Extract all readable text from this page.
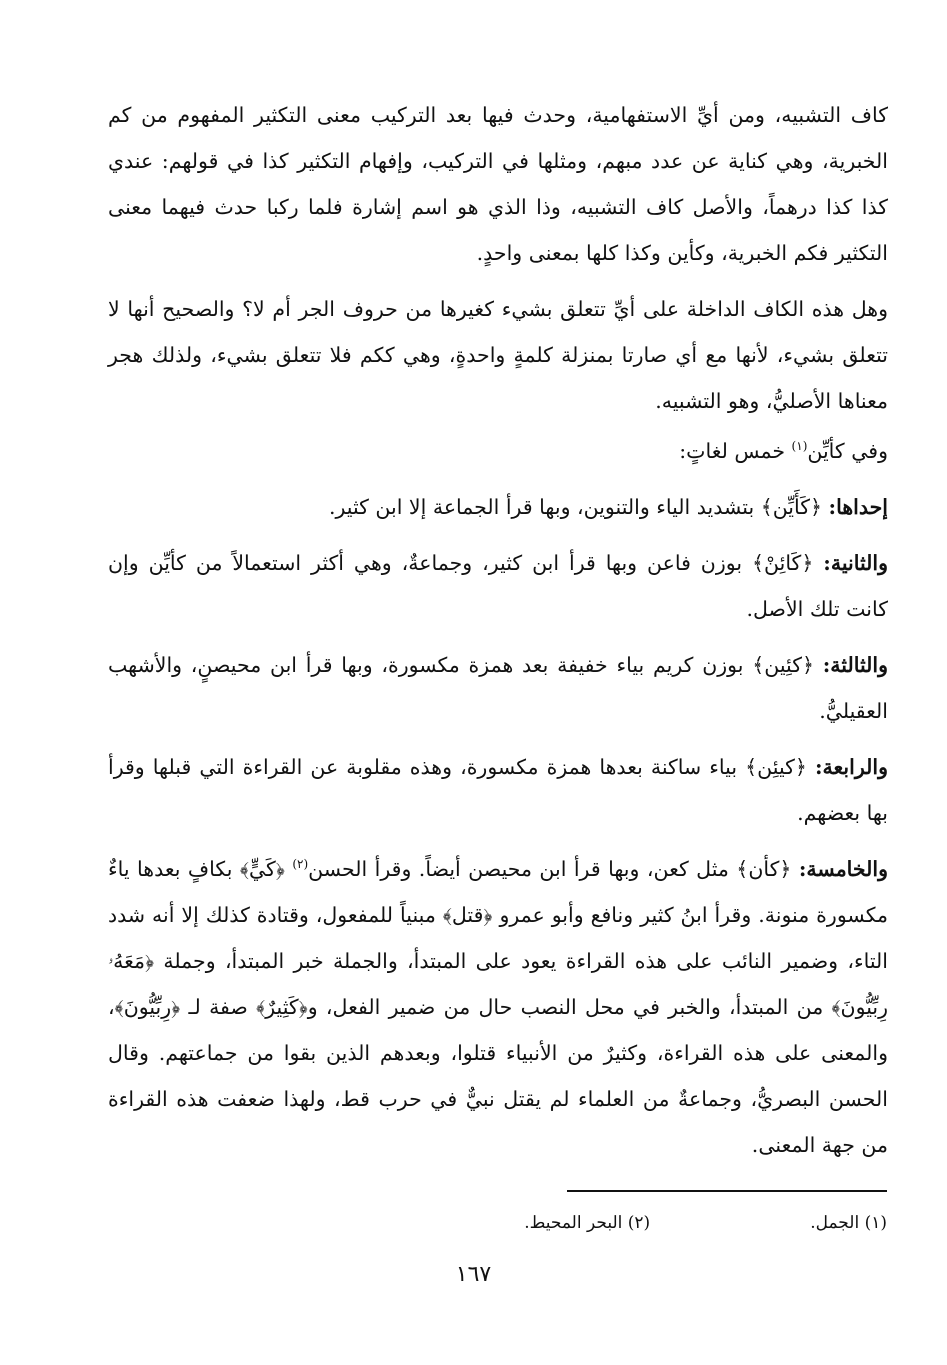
كاف التشبيه، ومن أيِّ الاستفهامية، وحدث فيها بعد التركيب معنى التكثير المفهوم من كم الخبرية، وهي كناية عن عدد مبهم، ومثلها في التركيب، وإفهام التكثير كذا في قولهم: عندي كذا كذا درهماً، والأصل كاف التشبيه، وذا الذي هو اسم إشارة فلما ركبا حدث فيهما معنى التكثير فكم الخبرية، وكأين وكذا كلها بمعنى واحدٍ.

وهل هذه الكاف الداخلة على أيِّ تتعلق بشيء كغيرها من حروف الجر أم لا؟ والصحيح أنها لا تتعلق بشيء، لأنها مع أي صارتا بمنزلة كلمةٍ واحدةٍ، وهي ككم فلا تتعلق بشيء، ولذلك هجر معناها الأصليُّ، وهو التشبيه.

وفي كأيِّن$^{(١)}$ خمس لغاتٍ:

إحداها: ﴿كَأَيِّن﴾ بتشديد الياء والتنوين، وبها قرأ الجماعة إلا ابن كثير.

والثانية: ﴿كَائِنْ﴾ بوزن فاعن وبها قرأ ابن كثير، وجماعةٌ، وهي أكثر استعمالاً من كأيِّن وإن كانت تلك الأصل.

والثالثة: ﴿كئِين﴾ بوزن كريم بياء خفيفة بعد همزة مكسورة، وبها قرأ ابن محيصنٍ، والأشهب العقيليُّ.

والرابعة: ﴿كيئِن﴾ بياء ساكنة بعدها همزة مكسورة، وهذه مقلوبة عن القراءة التي قبلها وقرأ بها بعضهم.

والخامسة: ﴿كأن﴾ مثل كعن، وبها قرأ ابن محيصن أيضاً. وقرأ الحسن$^{(٢)}$ ﴿كَيٍّ﴾ بكافٍ بعدها ياءٌ مكسورة منونة. وقرأ ابنُ كثير ونافع وأبو عمرو ﴿قتل﴾ مبنياً للمفعول، وقتادة كذلك إلا أنه شدد التاء، وضمير النائب على هذه القراءة يعود على المبتدأ، والجملة خبر المبتدأ، وجملة ﴿مَعَهُۥ رِبِّيُّونَ﴾ من المبتدأ، والخبر في محل النصب حال من ضمير الفعل، و﴿كَثِيرٌ﴾ صفة لـ ﴿رِبِّيُّونَ﴾، والمعنى على هذه القراءة، وكثيرٌ من الأنبياء قتلوا، وبعدهم الذين بقوا من جماعتهم. وقال الحسن البصريُّ، وجماعةٌ من العلماء لم يقتل نبيٌّ في حرب قط، ولهذا ضعفت هذه القراءة من جهة المعنى.

(١) الجمل.
(٢) البحر المحيط.
١٦٧
